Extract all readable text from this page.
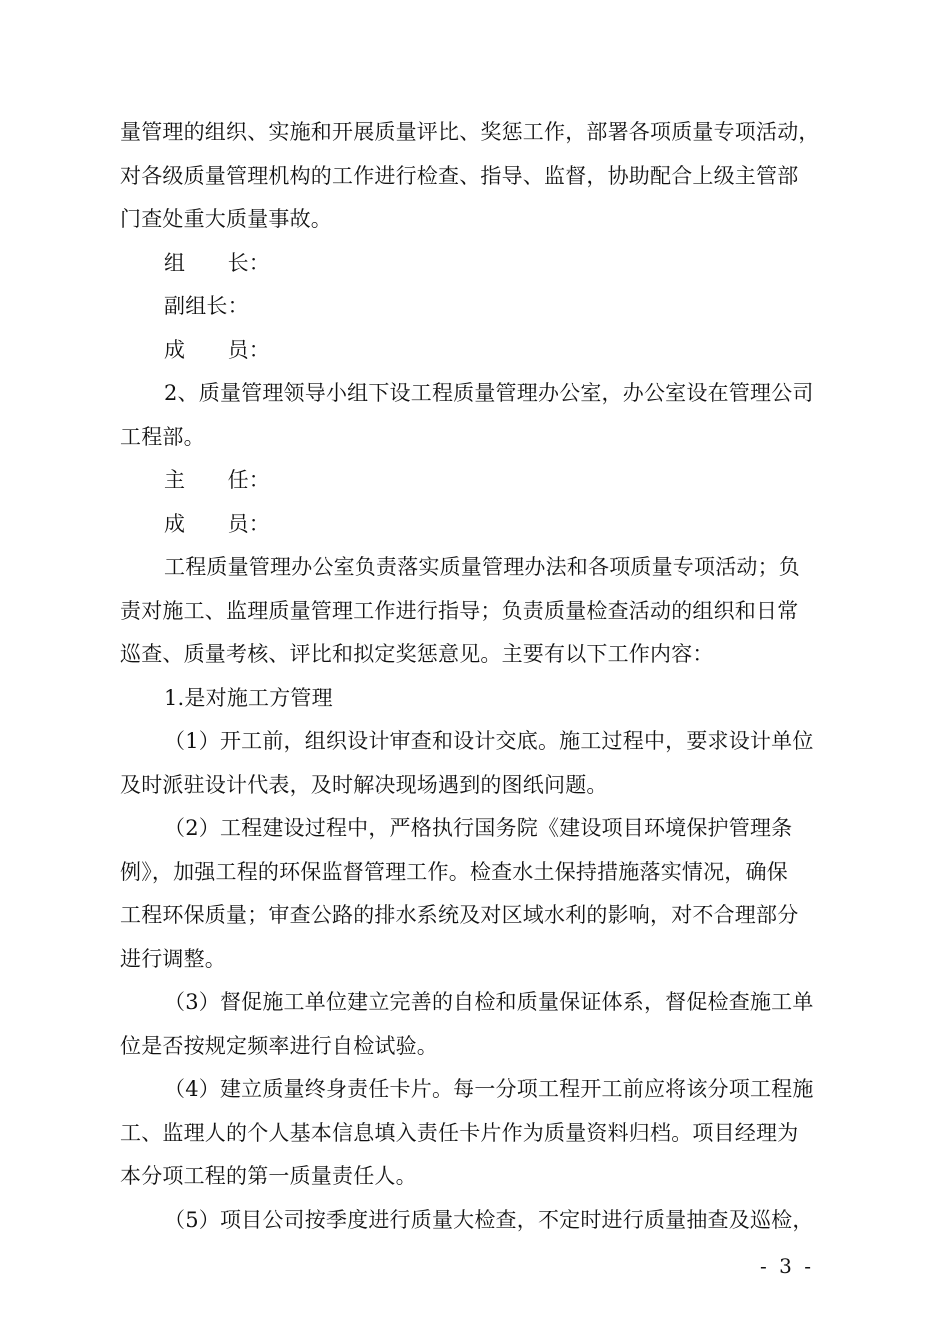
量管理的组织、实施和开展质量评比、奖惩工作，部署各项质量专项活动，
对各级质量管理机构的工作进行检查、指导、监督，协助配合上级主管部
门查处重大质量事故。
组　　长：
副组长：
成　　员：
2、质量管理领导小组下设工程质量管理办公室，办公室设在管理公司
工程部。
主　　任：
成　　员：
工程质量管理办公室负责落实质量管理办法和各项质量专项活动；负
责对施工、监理质量管理工作进行指导；负责质量检查活动的组织和日常
巡查、质量考核、评比和拟定奖惩意见。主要有以下工作内容：
1.是对施工方管理
（1）开工前，组织设计审查和设计交底。施工过程中，要求设计单位
及时派驻设计代表，及时解决现场遇到的图纸问题。
（2）工程建设过程中，严格执行国务院《建设项目环境保护管理条
例》，加强工程的环保监督管理工作。检查水土保持措施落实情况，确保
工程环保质量；审查公路的排水系统及对区域水利的影响，对不合理部分
进行调整。
（3）督促施工单位建立完善的自检和质量保证体系，督促检查施工单
位是否按规定频率进行自检试验。
（4）建立质量终身责任卡片。每一分项工程开工前应将该分项工程施
工、监理人的个人基本信息填入责任卡片作为质量资料归档。项目经理为
本分项工程的第一质量责任人。
（5）项目公司按季度进行质量大检查，不定时进行质量抽查及巡检，
- 3 -
